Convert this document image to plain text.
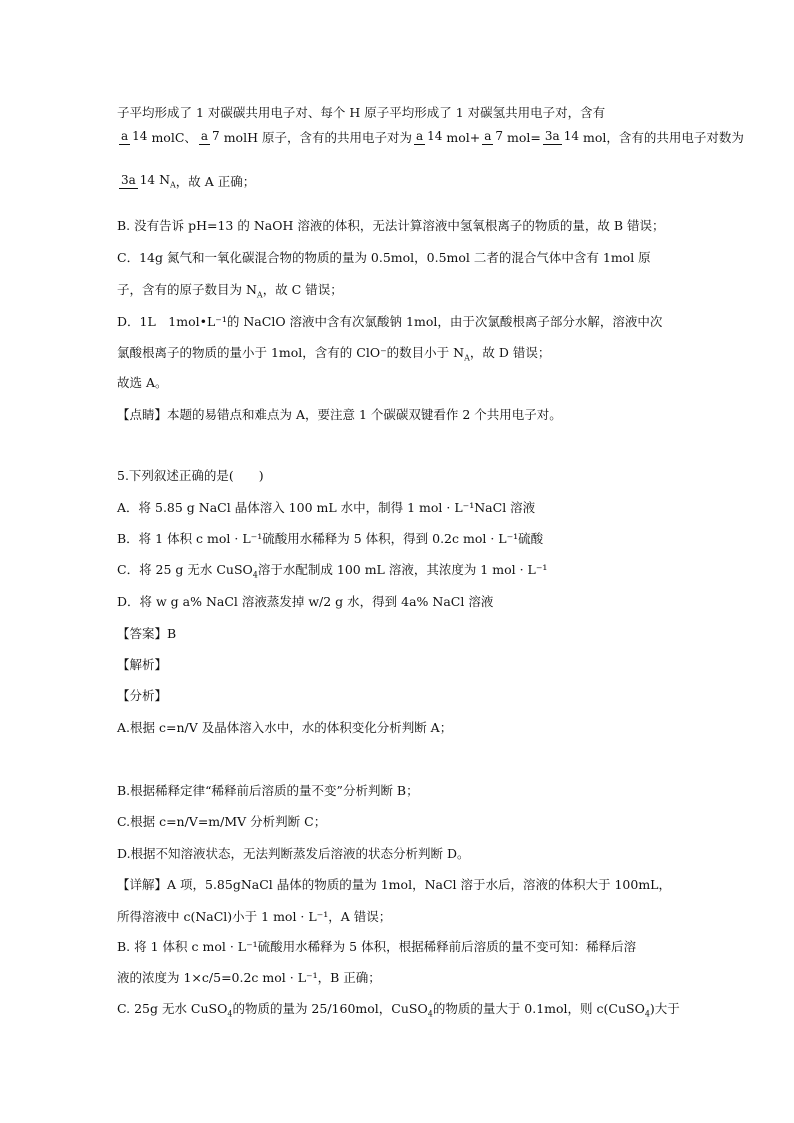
子平均形成了 1 对碳碳共用电子对、每个 H 原子平均形成了 1 对碳氢共用电子对，含有
a 14 molC、 a 7 molH 原子，含有的共用电子对为 a 14 mol+ a 7 mol= 3a 14 mol，含有的共用电子对数为
3a 14 $N_A$ ，故 A 正确；
B. 没有告诉 pH=13 的 NaOH 溶液的体积，无法计算溶液中氢氧根离子的物质的量，故 B 错误；
C．14g 氮气和一氧化碳混合物的物质的量为 0.5mol，0.5mol 二者的混合气体中含有 1mol 原
子，含有的原子数目为 $N_A$，故 C 错误；
D．1L　1mol•L⁻¹的 NaClO 溶液中含有次氯酸钠 1mol，由于次氯酸根离子部分水解，溶液中次
氯酸根离子的物质的量小于 1mol，含有的 ClO⁻的数目小于 $N_A$，故 D 错误；
故选 A。
【点睛】本题的易错点和难点为 A，要注意 1 个碳碳双键看作 2 个共用电子对。
5.下列叙述正确的是(　　)
A．将 5.85 g NaCl 晶体溶入 100 mL 水中，制得 1 mol · L⁻¹NaCl 溶液
B．将 1 体积 c mol · L⁻¹硫酸用水稀释为 5 体积，得到 0.2c mol · L⁻¹硫酸
C．将 25 g 无水 CuSO$_4$溶于水配制成 100 mL 溶液，其浓度为 1 mol · L⁻¹
D．将 w g a% NaCl 溶液蒸发掉 w/2 g 水，得到 4a% NaCl 溶液
【答案】B
【解析】
【分析】
A.根据 c=n/V 及晶体溶入水中，水的体积变化分析判断 A；
B.根据稀释定律“稀释前后溶质的量不变”分析判断 B；
C.根据 c=n/V=m/MV 分析判断 C；
D.根据不知溶液状态，无法判断蒸发后溶液的状态分析判断 D。
【详解】A 项，5.85gNaCl 晶体的物质的量为 1mol，NaCl 溶于水后，溶液的体积大于 100mL，
所得溶液中 c(NaCl)小于 1 mol · L⁻¹，A 错误；
B. 将 1 体积 c mol · L⁻¹硫酸用水稀释为 5 体积，根据稀释前后溶质的量不变可知：稀释后溶
液的浓度为 1×c/5=0.2c mol · L⁻¹，B 正确；
C. 25g 无水 CuSO$_4$的物质的量为 25/160mol，CuSO$_4$的物质的量大于 0.1mol，则 c(CuSO$_4$)大于
